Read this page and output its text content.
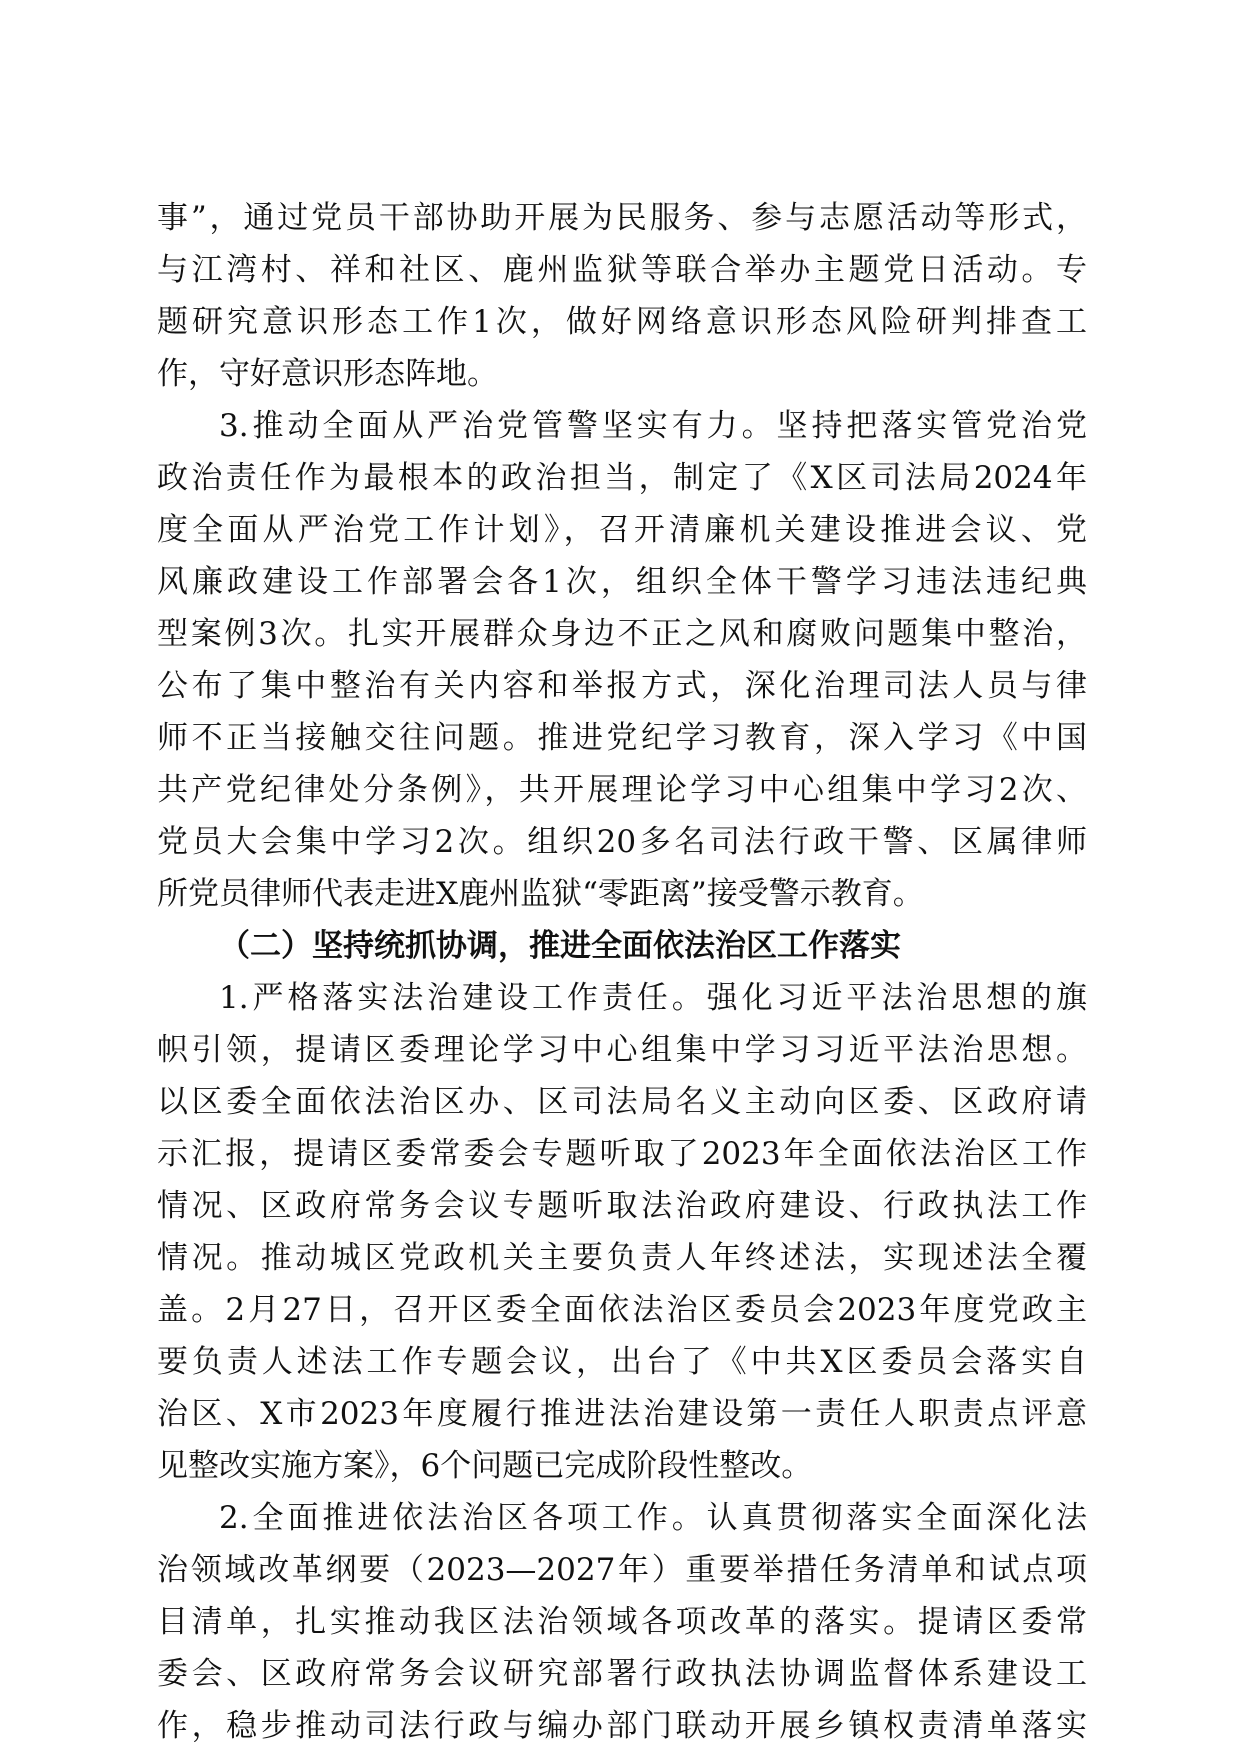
事”，通过党员干部协助开展为民服务、参与志愿活动等形式，
与江湾村、祥和社区、鹿州监狱等联合举办主题党日活动。专
题研究意识形态工作1次，做好网络意识形态风险研判排查工
作，守好意识形态阵地。
3.推动全面从严治党管警坚实有力。坚持把落实管党治党
政治责任作为最根本的政治担当，制定了《X区司法局2024年
度全面从严治党工作计划》，召开清廉机关建设推进会议、党
风廉政建设工作部署会各1次，组织全体干警学习违法违纪典
型案例3次。扎实开展群众身边不正之风和腐败问题集中整治，
公布了集中整治有关内容和举报方式，深化治理司法人员与律
师不正当接触交往问题。推进党纪学习教育，深入学习《中国
共产党纪律处分条例》，共开展理论学习中心组集中学习2次、
党员大会集中学习2次。组织20多名司法行政干警、区属律师
所党员律师代表走进X鹿州监狱“零距离”接受警示教育。
（二）坚持统抓协调，推进全面依法治区工作落实
1.严格落实法治建设工作责任。强化习近平法治思想的旗
帜引领，提请区委理论学习中心组集中学习习近平法治思想。
以区委全面依法治区办、区司法局名义主动向区委、区政府请
示汇报，提请区委常委会专题听取了2023年全面依法治区工作
情况、区政府常务会议专题听取法治政府建设、行政执法工作
情况。推动城区党政机关主要负责人年终述法，实现述法全覆
盖。2月27日，召开区委全面依法治区委员会2023年度党政主
要负责人述法工作专题会议，出台了《中共X区委员会落实自
治区、X市2023年度履行推进法治建设第一责任人职责点评意
见整改实施方案》，6个问题已完成阶段性整改。
2.全面推进依法治区各项工作。认真贯彻落实全面深化法
治领域改革纲要（2023—2027年）重要举措任务清单和试点项
目清单，扎实推动我区法治领域各项改革的落实。提请区委常
委会、区政府常务会议研究部署行政执法协调监督体系建设工
作，稳步推动司法行政与编办部门联动开展乡镇权责清单落实
